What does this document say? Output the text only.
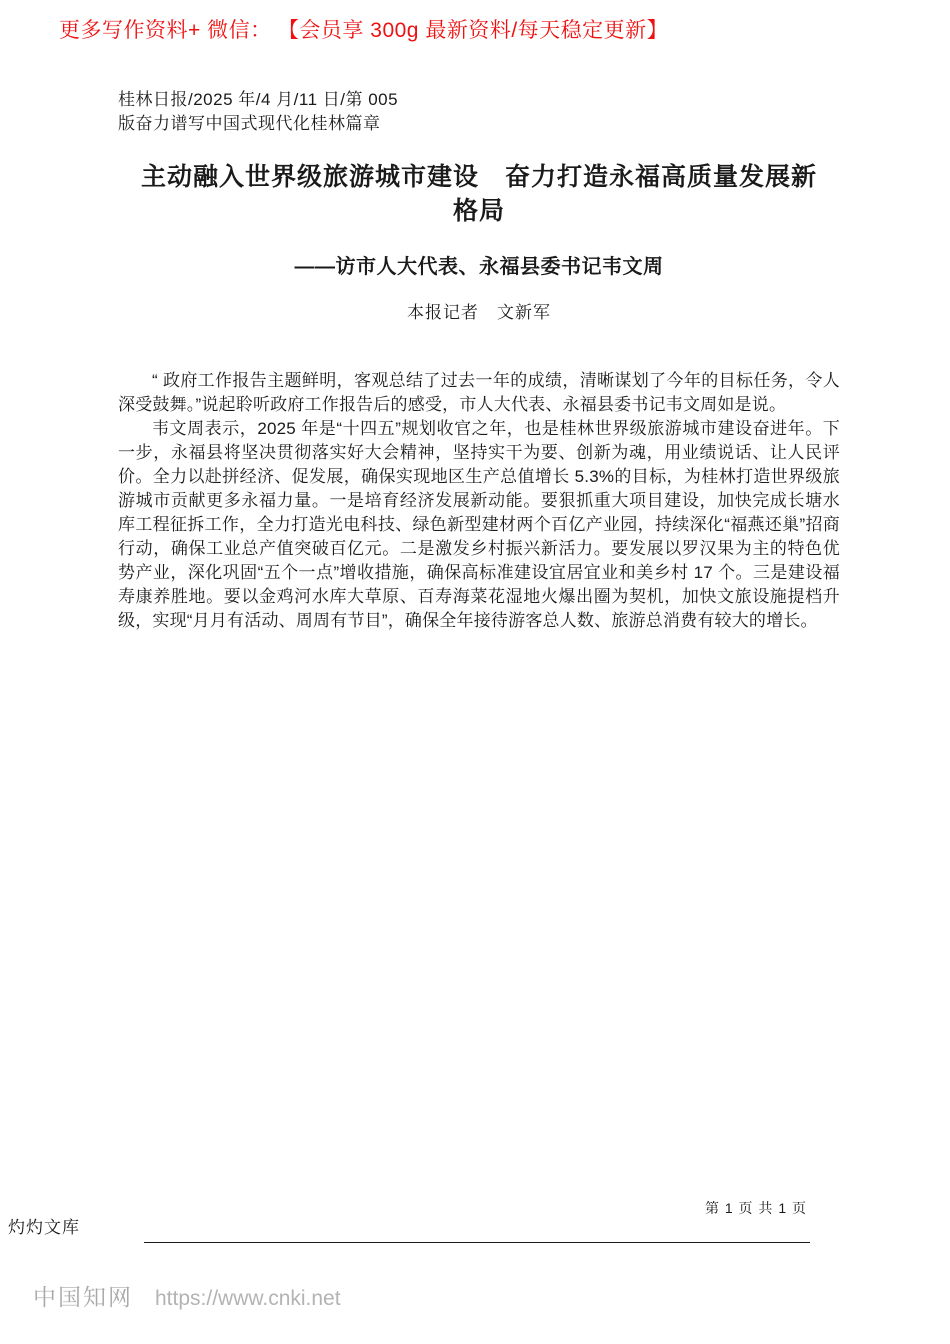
更多写作资料+ 微信： 【会员享 300g 最新资料/每天稳定更新】
桂林日报/2025 年/4 月/11 日/第 005
版奋力谱写中国式现代化桂林篇章
主动融入世界级旅游城市建设　奋力打造永福高质量发展新
格局
——访市人大代表、永福县委书记韦文周
本报记者　文新军

“ 政府工作报告主题鲜明，客观总结了过去一年的成绩，清晰谋划了今年的目标任务，令人深受鼓舞。”说起聆听政府工作报告后的感受，市人大代表、永福县委书记韦文周如是说。

韦文周表示，2025 年是“十四五”规划收官之年，也是桂林世界级旅游城市建设奋进年。下一步，永福县将坚决贯彻落实好大会精神，坚持实干为要、创新为魂，用业绩说话、让人民评价。全力以赴拼经济、促发展，确保实现地区生产总值增长 5.3%的目标，为桂林打造世界级旅游城市贡献更多永福力量。一是培育经济发展新动能。要狠抓重大项目建设，加快完成长塘水库工程征拆工作，全力打造光电科技、绿色新型建材两个百亿产业园，持续深化“福燕还巢”招商行动，确保工业总产值突破百亿元。二是激发乡村振兴新活力。要发展以罗汉果为主的特色优势产业，深化巩固“五个一点”增收措施，确保高标准建设宜居宜业和美乡村 17 个。三是建设福寿康养胜地。要以金鸡河水库大草原、百寿海菜花湿地火爆出圈为契机，加快文旅设施提档升级，实现“月月有活动、周周有节目”，确保全年接待游客总人数、旅游总消费有较大的增长。

第 1 页 共 1 页
灼灼文库
中国知网 https://www.cnki.net
